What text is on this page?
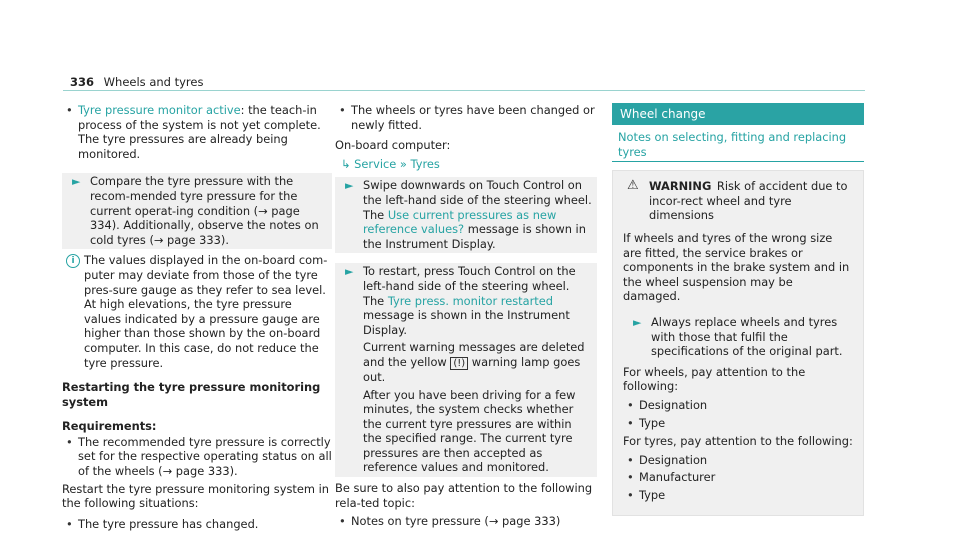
336 Wheels and tyres
• Tyre pressure monitor active: the teach-in process of the system is not yet complete. The tyre pressures are already being monitored.
► Compare the tyre pressure with the recom-mended tyre pressure for the current operat-ing condition (→ page 334). Additionally, observe the notes on cold tyres (→ page 333).
i The values displayed in the on-board com-puter may deviate from those of the tyre pres-sure gauge as they refer to sea level. At high elevations, the tyre pressure values indicated by a pressure gauge are higher than those shown by the on-board computer. In this case, do not reduce the tyre pressure.
Restarting the tyre pressure monitoring system
Requirements:
• The recommended tyre pressure is correctly set for the respective operating status on all of the wheels (→ page 333).

Restart the tyre pressure monitoring system in the following situations:

• The tyre pressure has changed.
• The wheels or tyres have been changed or newly fitted.

On-board computer:

↳ Service » Tyres
► Swipe downwards on Touch Control on the left-hand side of the steering wheel.
The Use current pressures as new reference values? message is shown in the Instrument Display.
► To restart, press Touch Control on the left-hand side of the steering wheel.
The Tyre press. monitor restarted message is shown in the Instrument Display.
Current warning messages are deleted and the yellow (!) warning lamp goes out.
After you have been driving for a few minutes, the system checks whether the current tyre pressures are within the specified range. The current tyre pressures are then accepted as reference values and monitored.

Be sure to also pay attention to the following rela-ted topic:

• Notes on tyre pressure (→ page 333)
Wheel change
Notes on selecting, fitting and replacing tyres
⚠ WARNING Risk of accident due to incor-rect wheel and tyre dimensions

If wheels and tyres of the wrong size are fitted, the service brakes or components in the brake system and in the wheel suspension may be damaged.

► Always replace wheels and tyres with those that fulfil the specifications of the original part.

For wheels, pay attention to the following:

• Designation
• Type

For tyres, pay attention to the following:

• Designation
• Manufacturer
• Type
